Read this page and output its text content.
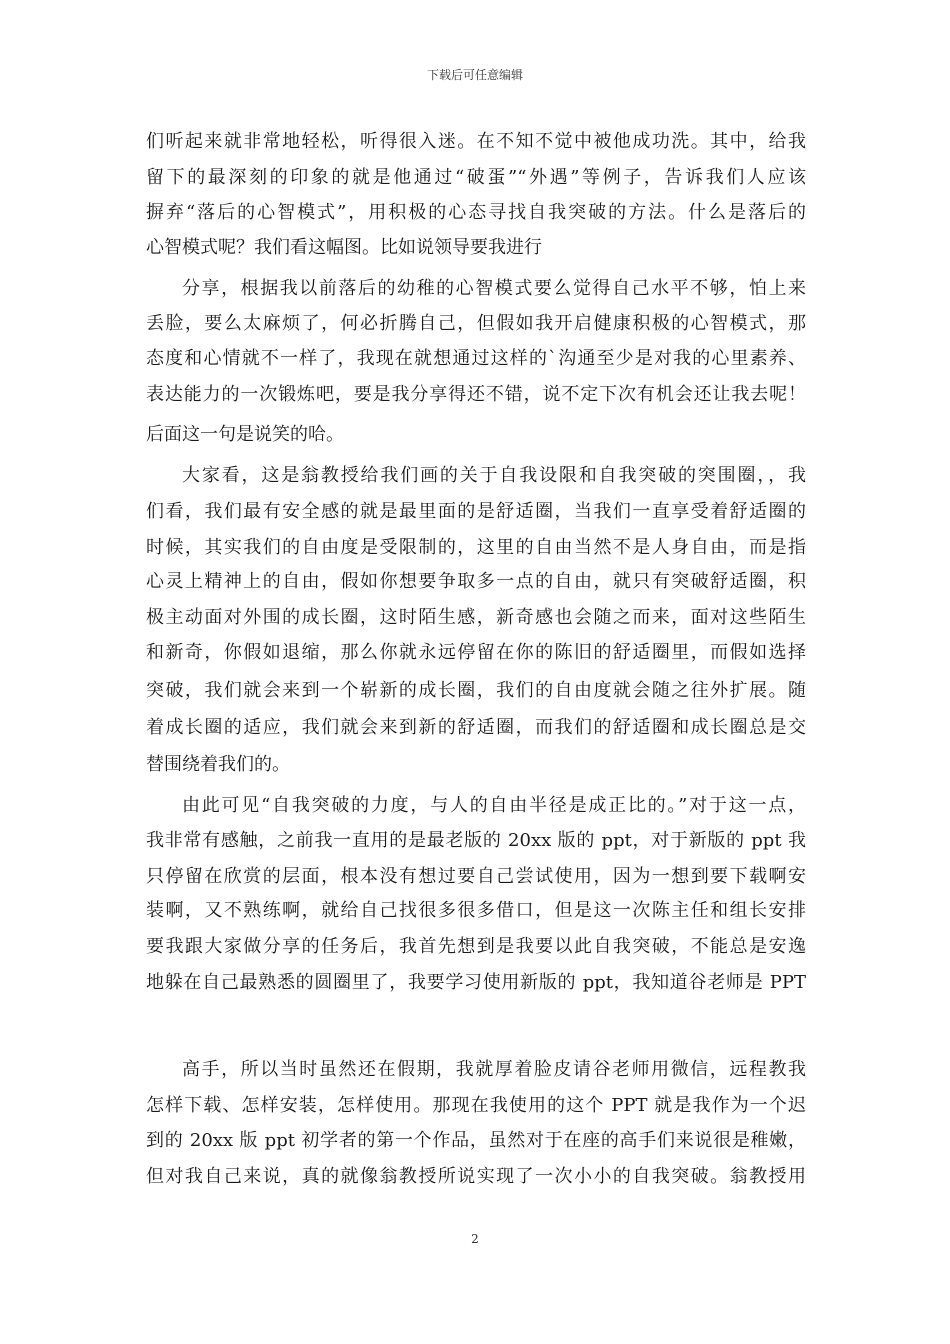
下载后可任意编辑
们听起来就非常地轻松，听得很入迷。在不知不觉中被他成功洗。其中，给我
留下的最深刻的印象的就是他通过“破蛋”“外遇”等例子，告诉我们人应该
摒弃“落后的心智模式”，用积极的心态寻找自我突破的方法。什么是落后的
心智模式呢？我们看这幅图。比如说领导要我进行
分享，根据我以前落后的幼稚的心智模式要么觉得自己水平不够，怕上来
丢脸，要么太麻烦了，何必折腾自己，但假如我开启健康积极的心智模式，那
态度和心情就不一样了，我现在就想通过这样的`沟通至少是对我的心里素养、
表达能力的一次锻炼吧，要是我分享得还不错，说不定下次有机会还让我去呢！
后面这一句是说笑的哈。
大家看，这是翁教授给我们画的关于自我设限和自我突破的突围圈，，我
们看，我们最有安全感的就是最里面的是舒适圈，当我们一直享受着舒适圈的
时候，其实我们的自由度是受限制的，这里的自由当然不是人身自由，而是指
心灵上精神上的自由，假如你想要争取多一点的自由，就只有突破舒适圈，积
极主动面对外围的成长圈，这时陌生感，新奇感也会随之而来，面对这些陌生
和新奇，你假如退缩，那么你就永远停留在你的陈旧的舒适圈里，而假如选择
突破，我们就会来到一个崭新的成长圈，我们的自由度就会随之往外扩展。随
着成长圈的适应，我们就会来到新的舒适圈，而我们的舒适圈和成长圈总是交
替围绕着我们的。
由此可见“自我突破的力度，与人的自由半径是成正比的。”对于这一点，
我非常有感触，之前我一直用的是最老版的 20xx 版的 ppt，对于新版的 ppt 我
只停留在欣赏的层面，根本没有想过要自己尝试使用，因为一想到要下载啊安
装啊，又不熟练啊，就给自己找很多很多借口，但是这一次陈主任和组长安排
要我跟大家做分享的任务后，我首先想到是我要以此自我突破，不能总是安逸
地躲在自己最熟悉的圆圈里了，我要学习使用新版的 ppt，我知道谷老师是 PPT
高手，所以当时虽然还在假期，我就厚着脸皮请谷老师用微信，远程教我
怎样下载、怎样安装，怎样使用。那现在我使用的这个 PPT 就是我作为一个迟
到的 20xx 版 ppt 初学者的第一个作品，虽然对于在座的高手们来说很是稚嫩，
但对我自己来说，真的就像翁教授所说实现了一次小小的自我突破。翁教授用
2
